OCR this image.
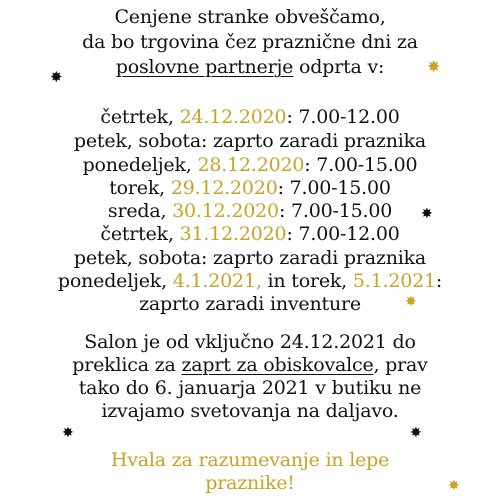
Cenjene stranke obveščamo,
da bo trgovina čez praznične dni za
poslovne partnerje odprta v:
četrtek, 24.12.2020: 7.00-12.00
petek, sobota: zaprto zaradi praznika
ponedeljek, 28.12.2020: 7.00-15.00
torek, 29.12.2020: 7.00-15.00
sreda, 30.12.2020: 7.00-15.00
četrtek, 31.12.2020: 7.00-12.00
petek, sobota: zaprto zaradi praznika
ponedeljek, 4.1.2021, in torek, 5.1.2021:
zaprto zaradi inventure
Salon je od vključno 24.12.2021 do
preklica za zaprt za obiskovalce, prav
tako do 6. januarja 2021 v butiku ne
izvajamo svetovanja na daljavo.
Hvala za razumevanje in lepe
praznike!
✸
✸
✸
✸
✸	✸
✸
